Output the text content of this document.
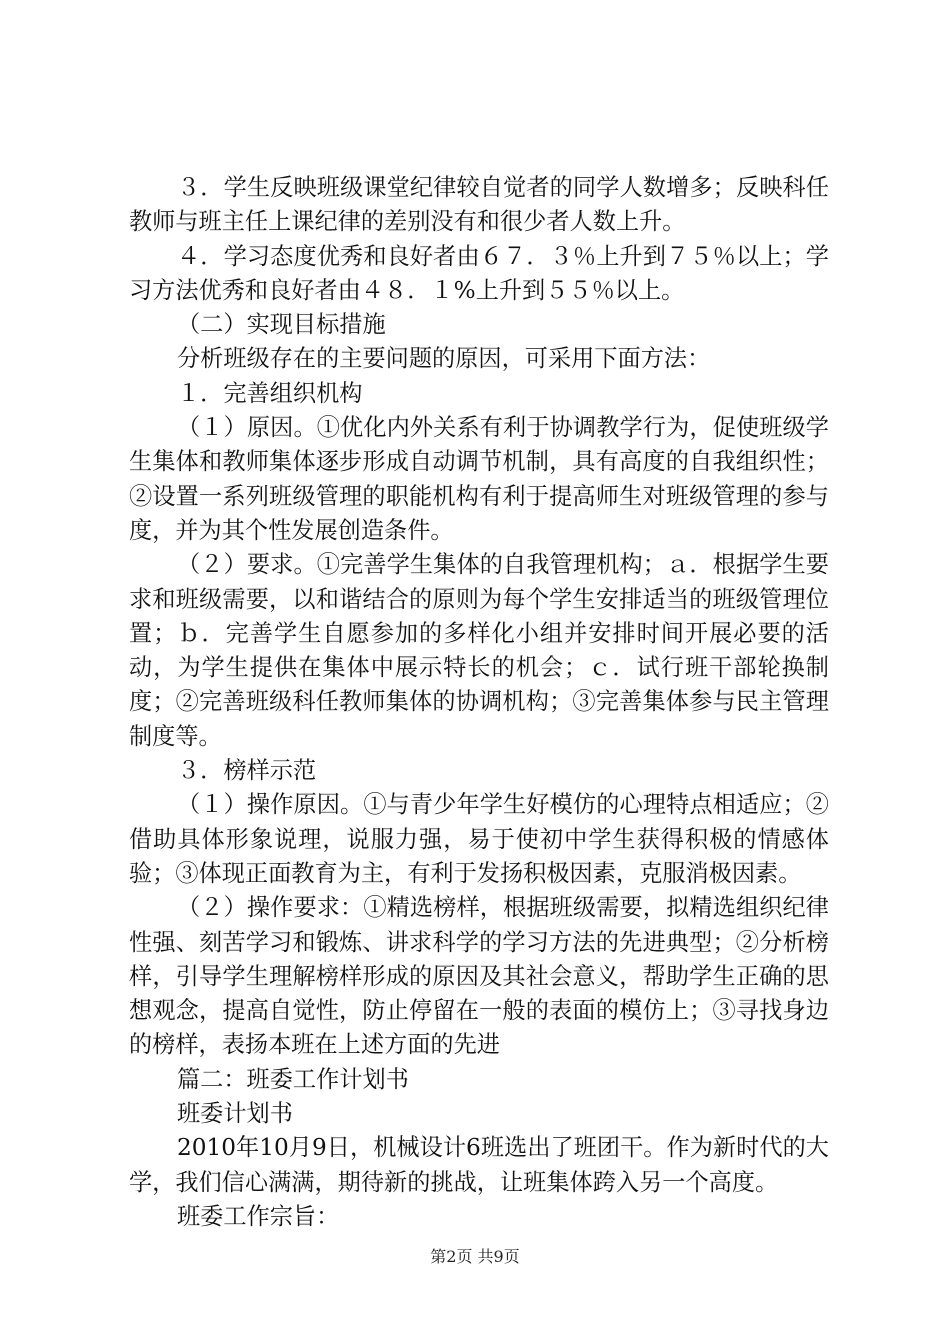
３．学生反映班级课堂纪律较自觉者的同学人数增多；反映科任教师与班主任上课纪律的差别没有和很少者人数上升。

４．学习态度优秀和良好者由６７．３％上升到７５％以上；学习方法优秀和良好者由４８．１%上升到５５％以上。

（二）实现目标措施

分析班级存在的主要问题的原因，可采用下面方法：

１．完善组织机构

（１）原因。①优化内外关系有利于协调教学行为，促使班级学生集体和教师集体逐步形成自动调节机制，具有高度的自我组织性；②设置一系列班级管理的职能机构有利于提高师生对班级管理的参与度，并为其个性发展创造条件。

（２）要求。①完善学生集体的自我管理机构；ａ．根据学生要求和班级需要，以和谐结合的原则为每个学生安排适当的班级管理位置；ｂ．完善学生自愿参加的多样化小组并安排时间开展必要的活动，为学生提供在集体中展示特长的机会；ｃ．试行班干部轮换制度；②完善班级科任教师集体的协调机构；③完善集体参与民主管理制度等。

３．榜样示范

（１）操作原因。①与青少年学生好模仿的心理特点相适应；②借助具体形象说理，说服力强，易于使初中学生获得积极的情感体验；③体现正面教育为主，有利于发扬积极因素，克服消极因素。

（２）操作要求：①精选榜样，根据班级需要，拟精选组织纪律性强、刻苦学习和锻炼、讲求科学的学习方法的先进典型；②分析榜样，引导学生理解榜样形成的原因及其社会意义，帮助学生正确的思想观念，提高自觉性，防止停留在一般的表面的模仿上；③寻找身边的榜样，表扬本班在上述方面的先进

篇二：班委工作计划书

班委计划书

2010年10月9日，机械设计6班选出了班团干。作为新时代的大学，我们信心满满，期待新的挑战，让班集体跨入另一个高度。

班委工作宗旨：

第2页 共9页
